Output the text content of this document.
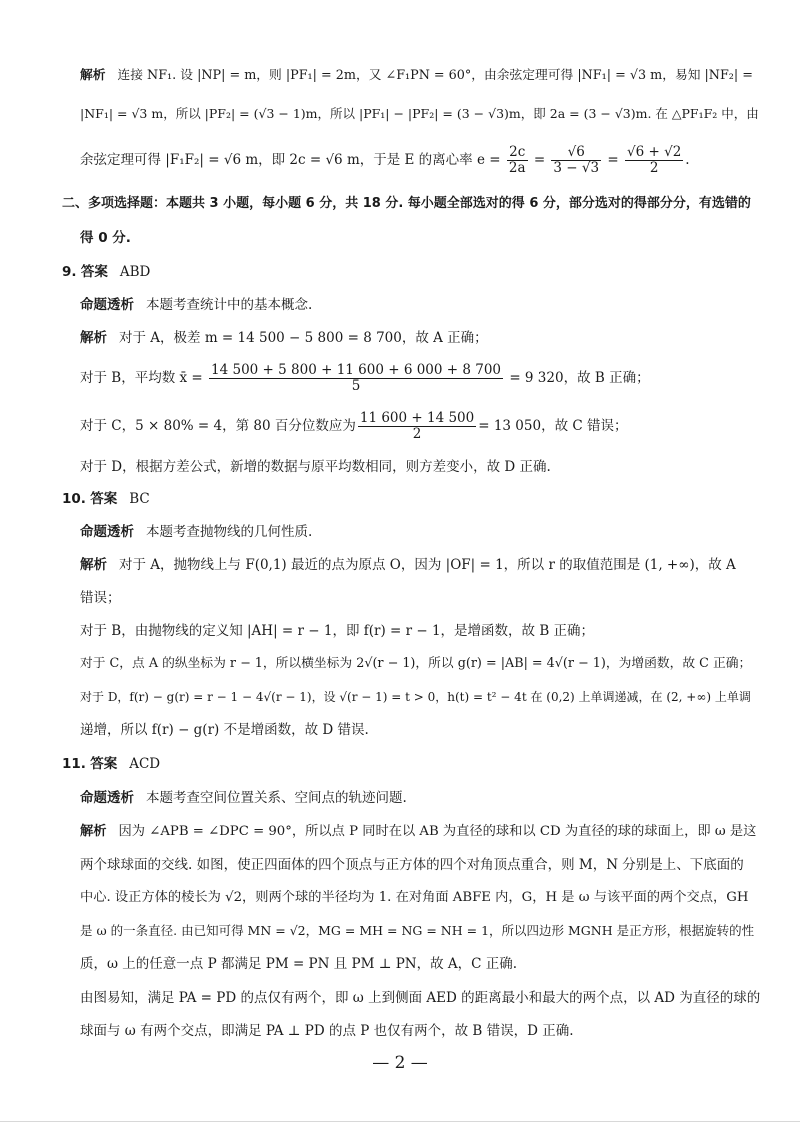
解析 连接 NF₁. 设 |NP| = m，则 |PF₁| = 2m，又 ∠F₁PN = 60°，由余弦定理可得 |NF₁| = √3 m，易知 |NF₂| =
|NF₁| = √3 m，所以 |PF₂| = (√3 − 1)m，所以 |PF₁| − |PF₂| = (3 − √3)m，即 2a = (3 − √3)m. 在 △PF₁F₂ 中，由
余弦定理可得 |F₁F₂| = √6 m，即 2c = √6 m，于是 E 的离心率 $e = \frac{2c}{2a} = \frac{√6}{3 - √3} = \frac{√6 + √2}{2}$ .
二、多项选择题：本题共 3 小题，每小题 6 分，共 18 分. 每小题全部选对的得 6 分，部分选对的得部分分，有选错的
得 0 分.
9. 答案 ABD
命题透析 本题考查统计中的基本概念.
解析 对于 A，极差 m = 14 500 − 5 800 = 8 700，故 A 正确；
对于 B，平均数 x̄ = $\frac{14 500 + 5 800 + 11 600 + 6 000 + 8 700}{5} = 9$ 320，故 B 正确；
对于 C，5 × 80% = 4，第 80 百分位数应为 $\frac{11 600 + 14 500}{2} = 13$ 050，故 C 错误；
对于 D，根据方差公式，新增的数据与原平均数相同，则方差变小，故 D 正确.
10. 答案 BC
命题透析 本题考查抛物线的几何性质.
解析 对于 A，抛物线上与 F(0,1) 最近的点为原点 O，因为 |OF| = 1，所以 r 的取值范围是 (1, +∞)，故 A
错误；
对于 B，由抛物线的定义知 |AH| = r − 1，即 f(r) = r − 1，是增函数，故 B 正确；
对于 C，点 A 的纵坐标为 r − 1，所以横坐标为 2√(r − 1)，所以 g(r) = |AB| = 4√(r − 1)，为增函数，故 C 正确；
对于 D，f(r) − g(r) = r − 1 − 4√(r − 1)，设 √(r − 1) = t > 0，h(t) = t² − 4t 在 (0,2) 上单调递减，在 (2, +∞) 上单调
递增，所以 f(r) − g(r) 不是增函数，故 D 错误.
11. 答案 ACD
命题透析 本题考查空间位置关系、空间点的轨迹问题.
解析 因为 ∠APB = ∠DPC = 90°，所以点 P 同时在以 AB 为直径的球和以 CD 为直径的球的球面上，即 ω 是这
两个球球面的交线. 如图，使正四面体的四个顶点与正方体的四个对角顶点重合，则 M，N 分别是上、下底面的
中心. 设正方体的棱长为 √2，则两个球的半径均为 1. 在对角面 ABFE 内，G，H 是 ω 与该平面的两个交点，GH
是 ω 的一条直径. 由已知可得 MN = √2，MG = MH = NG = NH = 1，所以四边形 MGNH 是正方形，根据旋转的性
质，ω 上的任意一点 P 都满足 PM = PN 且 PM ⊥ PN，故 A，C 正确.
由图易知，满足 PA = PD 的点仅有两个，即 ω 上到侧面 AED 的距离最小和最大的两个点，以 AD 为直径的球的
球面与 ω 有两个交点，即满足 PA ⊥ PD 的点 P 也仅有两个，故 B 错误，D 正确.
— 2 —
